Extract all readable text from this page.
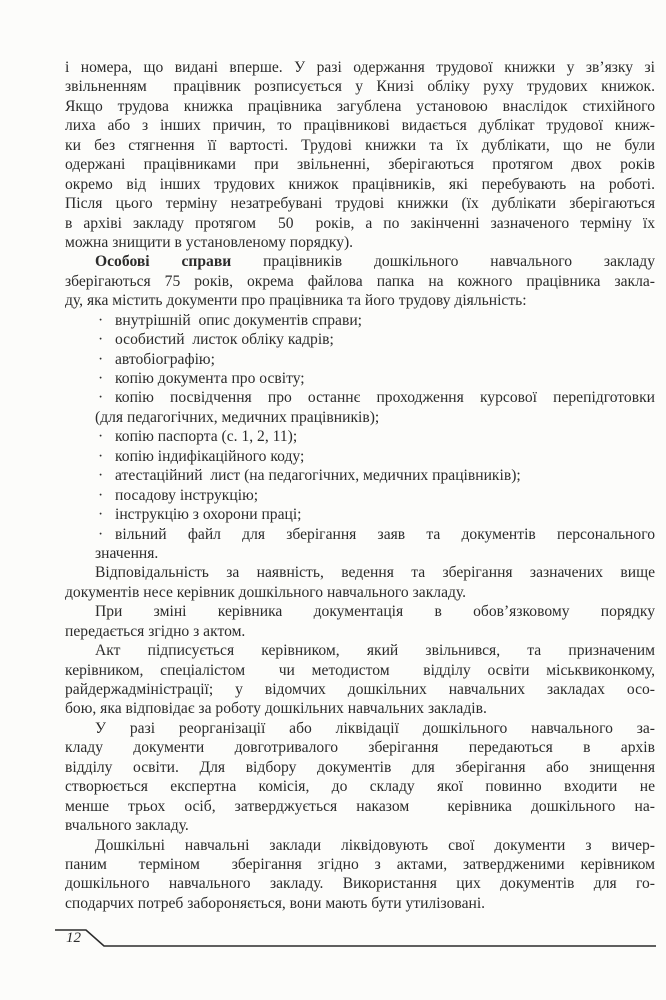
і номера, що видані вперше. У разі одержання трудової книжки у зв’язку зі
звільненням  працівник розписується у Книзі обліку руху трудових книжок.
Якщо трудова книжка працівника загублена установою внаслідок стихійного
лиха або з інших причин, то працівникові видається дублікат трудової книж-
ки без стягнення її вартості. Трудові книжки та їх дублікати, що не були
одержані працівниками при звільненні, зберігаються протягом двох років
окремо від інших трудових книжок працівників, які перебувають на роботі.
Після цього терміну незатребувані трудові книжки (їх дублікати зберігаються
в архіві закладу протягом  50  років, а по закінченні зазначеного терміну їх
можна знищити в установленому порядку).
Особові справи працівників дошкільного навчального закладу
зберігаються 75 років, окрема файлова папка на кожного працівника закла-
ду, яка містить документи про працівника та його трудову діяльність:
· внутрішній  опис документів справи;
· особистий  листок обліку кадрів;
· автобіографію;
· копію документа про освіту;
· копію посвідчення про останнє проходження курсової перепідготовки
(для педагогічних, медичних працівників);
· копію паспорта (с. 1, 2, 11);
· копію індифікаційного коду;
· атестаційний  лист (на педагогічних, медичних працівників);
· посадову інструкцію;
· інструкцію з охорони праці;
· вільний  файл  для  зберігання  заяв  та  документів  персонального
значення.
Відповідальність за наявність, ведення та зберігання зазначених вище
документів несе керівник дошкільного навчального закладу.
При  зміні  керівника  документація  в  обов’язковому  порядку
передається згідно з актом.
Акт  підписується  керівником,  який  звільнився,  та  призначеним
керівником, спеціалістом  чи методистом  відділу освіти міськвиконкому,
райдержадміністрації; у відомчих дошкільних навчальних закладах осо-
бою, яка відповідає за роботу дошкільних навчальних закладів.
У разі реорганізації або ліквідації дошкільного навчального за-
кладу документи довготривалого зберігання передаються в архів
відділу освіти. Для відбору документів для зберігання або знищення
створюється експертна комісія, до складу якої повинно входити не
менше трьох осіб, затверджується наказом  керівника дошкільного на-
вчального закладу.
Дошкільні навчальні заклади ліквідовують свої документи з вичер-
паним  терміном  зберігання згідно з актами, затвердженими керівником
дошкільного навчального закладу. Використання цих документів для го-
сподарчих потреб забороняється, вони мають бути утилізовані.
12
